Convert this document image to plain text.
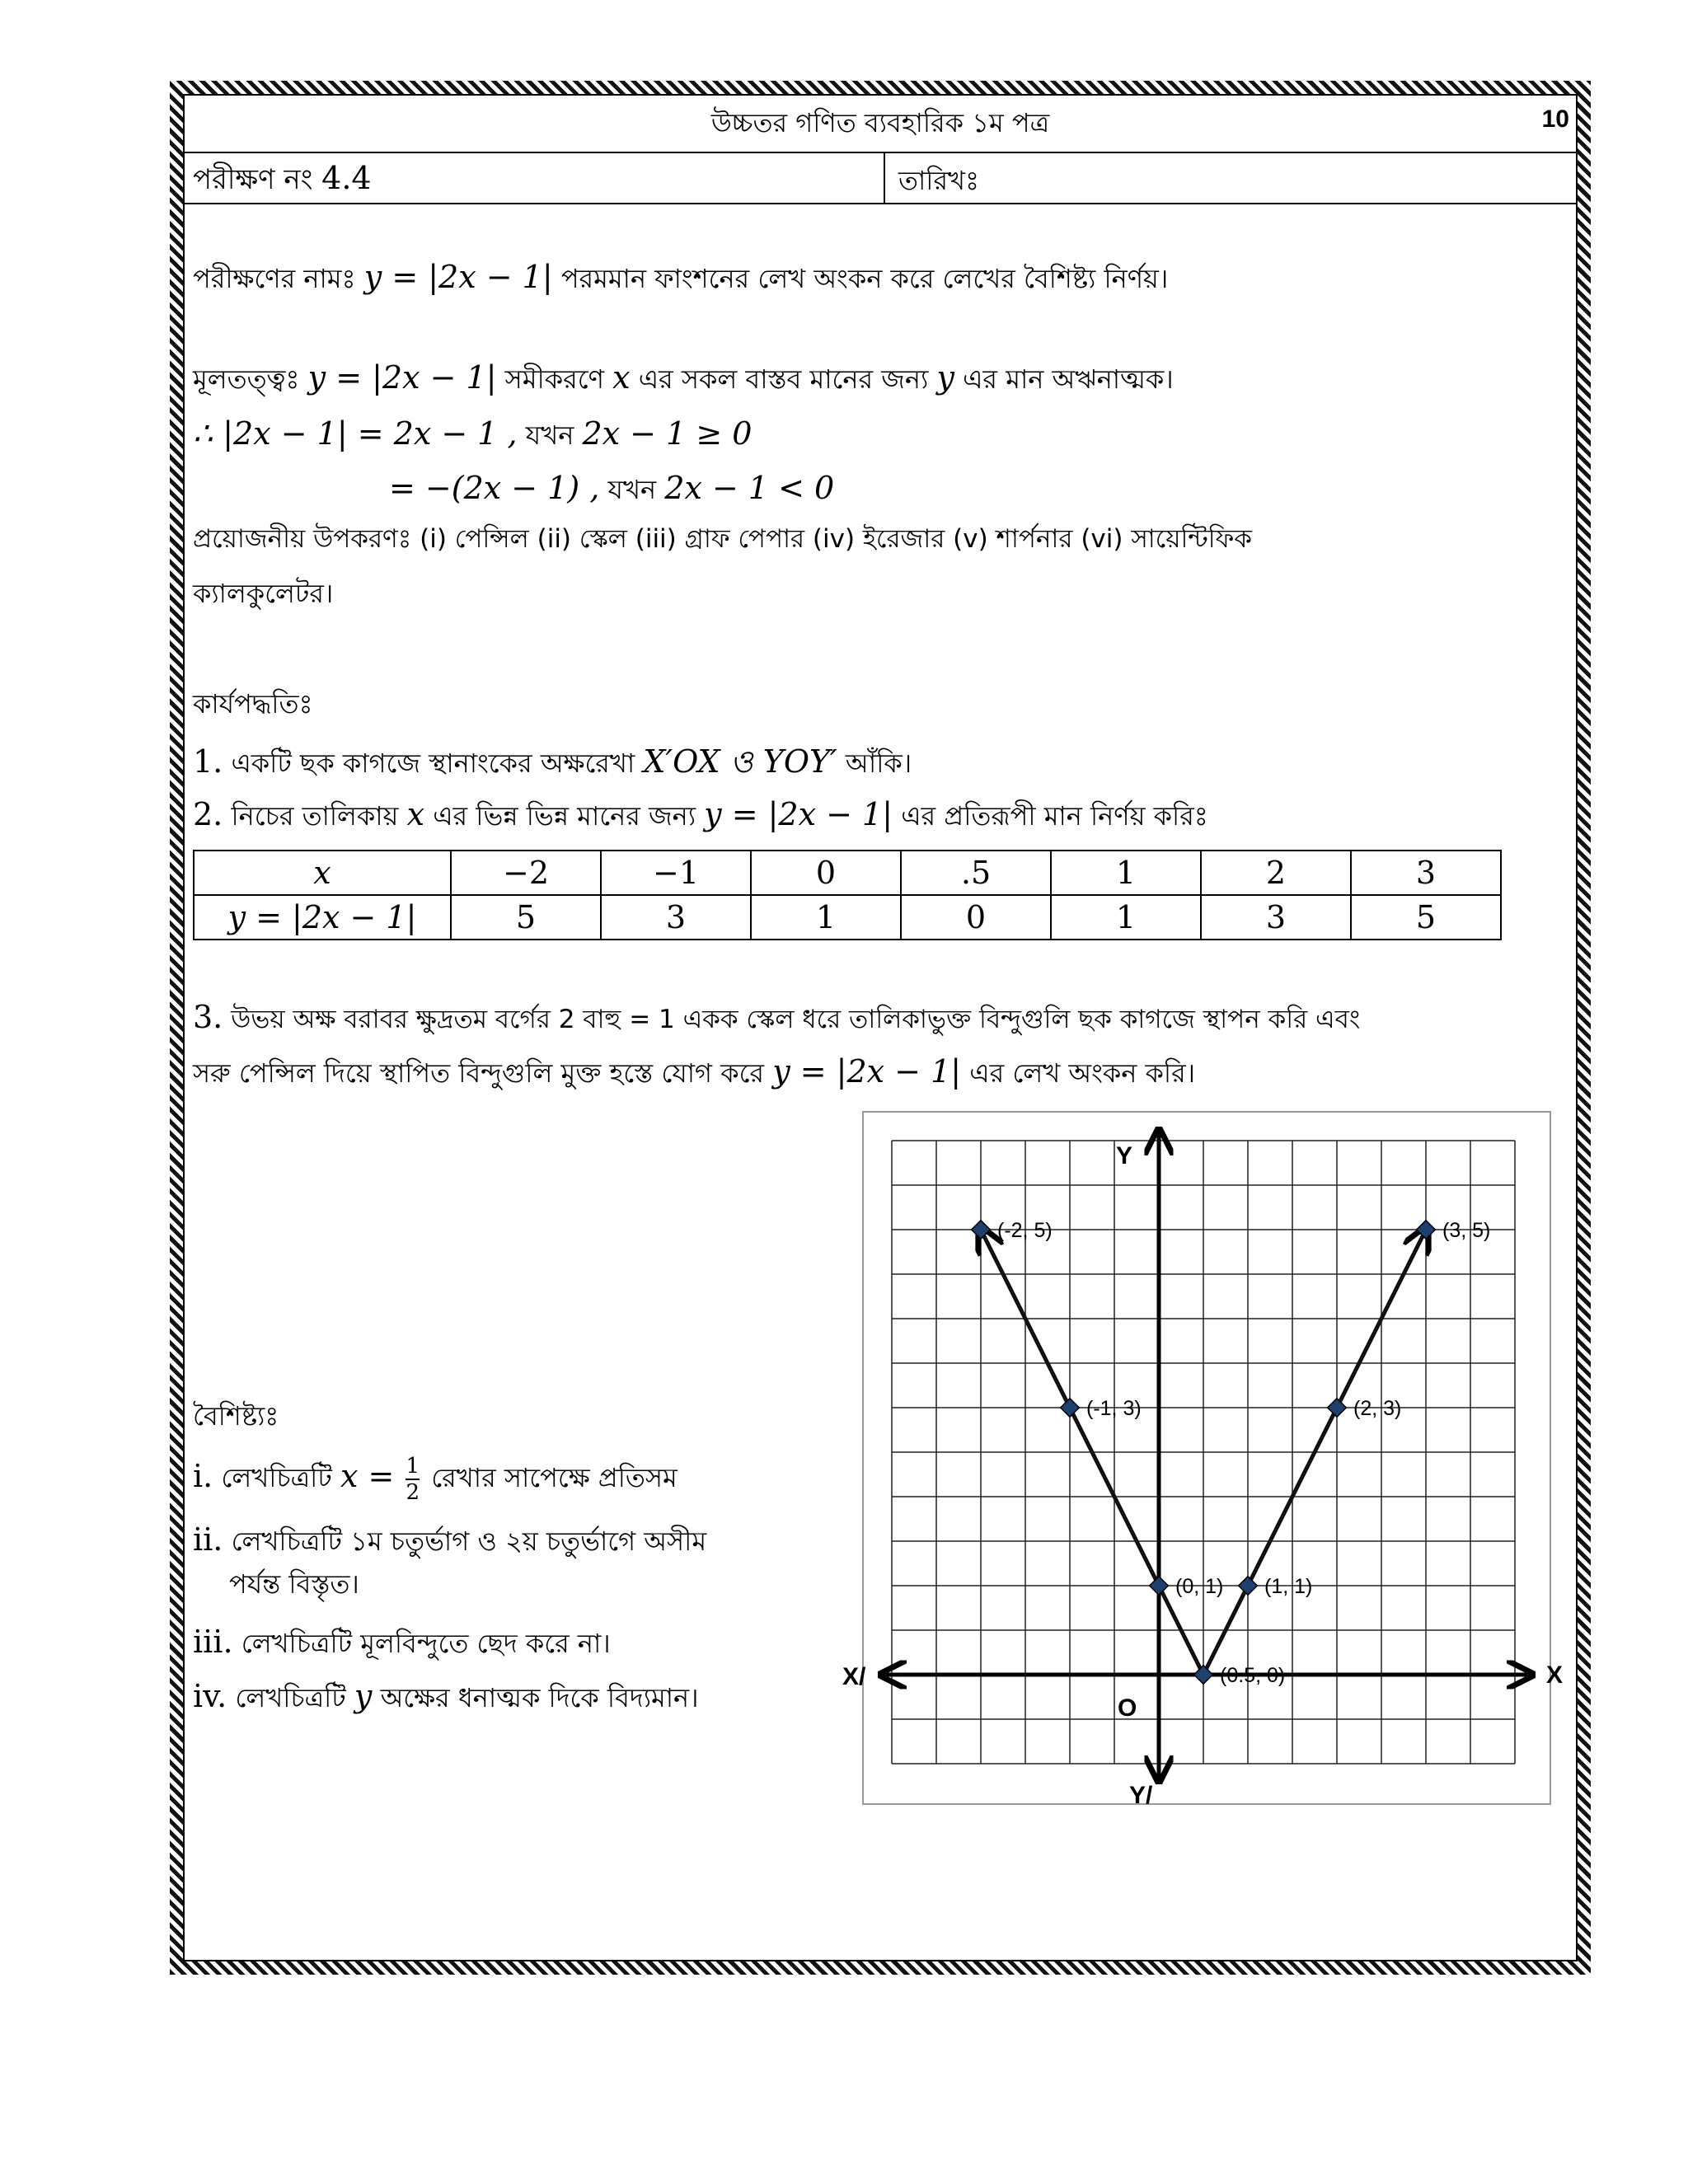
উচ্চতর গণিত ব্যবহারিক ১ম পত্র	10
পরীক্ষণ নং 4.4	তারিখঃ
পরীক্ষণের নামঃ y = |2x − 1| পরমমান ফাংশনের লেখ অংকন করে লেখের বৈশিষ্ট্য নির্ণয়।
মূলতত্ত্বঃ y = |2x − 1| সমীকরণে x এর সকল বাস্তব মানের জন্য y এর মান অঋনাত্মক।
∴ |2x − 1| = 2x − 1 , যখন 2x − 1 ≥ 0
= −(2x − 1) , যখন 2x − 1 < 0
প্রয়োজনীয় উপকরণঃ (i) পেন্সিল (ii) স্কেল (iii) গ্রাফ পেপার (iv) ইরেজার (v) শার্পনার (vi) সায়েন্টিফিক
ক্যালকুলেটর।
কার্যপদ্ধতিঃ
1. একটি ছক কাগজে স্থানাংকের অক্ষরেখা X′OX ও YOY′ আঁকি।
2. নিচের তালিকায় x এর ভিন্ন ভিন্ন মানের জন্য y = |2x − 1| এর প্রতিরূপী মান নির্ণয় করিঃ
x	−2	−1	0	.5	1	2	3
y = |2x − 1|	5	3	1	0	1	3	5
3. উভয় অক্ষ বরাবর ক্ষুদ্রতম বর্গের 2 বাহু = 1 একক স্কেল ধরে তালিকাভুক্ত বিন্দুগুলি ছক কাগজে স্থাপন করি এবং
সরু পেন্সিল দিয়ে স্থাপিত বিন্দুগুলি মুক্ত হস্তে যোগ করে y = |2x − 1| এর লেখ অংকন করি।
বৈশিষ্ট্যঃ
i. লেখচিত্রটি $x = \frac{1}{2}$ রেখার সাপেক্ষে প্রতিসম
ii. লেখচিত্রটি ১ম চতুর্ভাগ ও ২য় চতুর্ভাগে অসীম
পর্যন্ত বিস্তৃত।
iii. লেখচিত্রটি মূলবিন্দুতে ছেদ করে না।
iv. লেখচিত্রটি y অক্ষের ধনাত্মক দিকে বিদ্যমান।
X
X/
Y
Y/
O
(-2, 5)
(-1, 3)
(0, 1)
(0.5, 0)
(1, 1)
(2, 3)
(3, 5)
